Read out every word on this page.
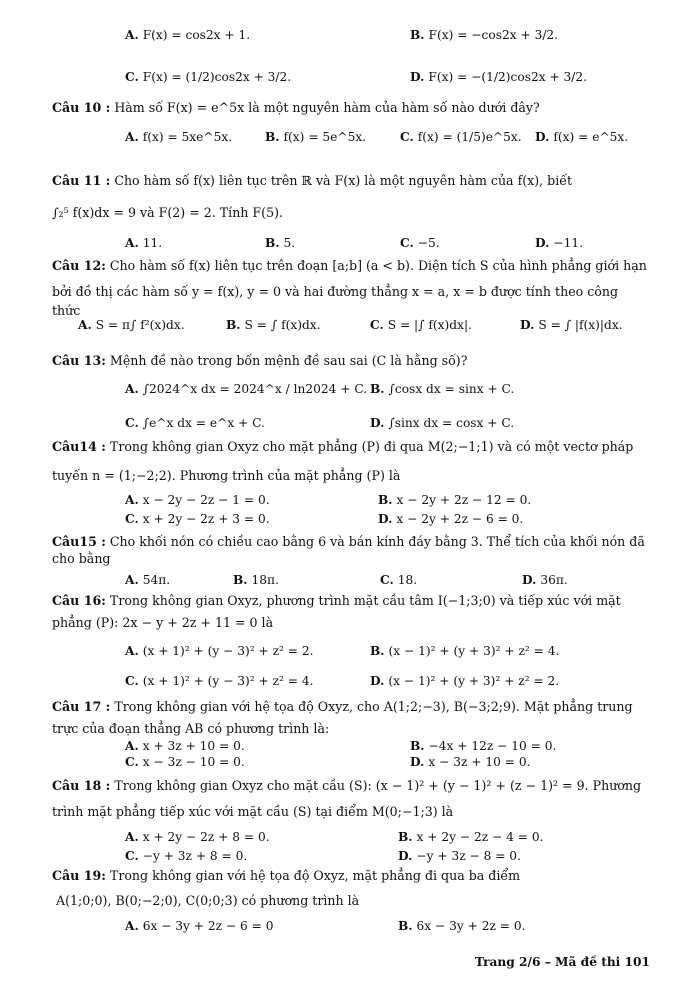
A. F(x) = cos2x + 1.	B. F(x) = −cos2x + 3/2.
C. F(x) = (1/2)cos2x + 3/2.	D. F(x) = −(1/2)cos2x + 3/2.
Câu 10 : Hàm số F(x) = e^5x là một nguyên hàm của hàm số nào dưới đây?
A. f(x) = 5xe^5x.	B. f(x) = 5e^5x.	C. f(x) = (1/5)e^5x. D. f(x) = e^5x.
Câu 11 : Cho hàm số f(x) liên tục trên ℝ và F(x) là một nguyên hàm của f(x), biết
∫₂⁵ f(x)dx = 9 và F(2) = 2. Tính F(5).
A. 11.	B. 5.	C. −5.	D. −11.
Câu 12: Cho hàm số f(x) liên tục trên đoạn [a;b] (a < b). Diện tích S của hình phẳng giới hạn
bởi đồ thị các hàm số y = f(x), y = 0 và hai đường thẳng x = a, x = b được tính theo công thức
A. S = π∫ f²(x)dx.	B. S = ∫ f(x)dx.	C. S = |∫ f(x)dx|.	D. S = ∫ |f(x)|dx.
Câu 13: Mệnh đề nào trong bốn mệnh đề sau sai (C là hằng số)?
A. ∫2024^x dx = 2024^x / ln2024 + C. B. ∫cosx dx = sinx + C.
C. ∫e^x dx = e^x + C.	D. ∫sinx dx = cosx + C.
Câu14 : Trong không gian Oxyz cho mặt phẳng (P) đi qua M(2;−1;1) và có một vectơ pháp
tuyến n = (1;−2;2). Phương trình của mặt phẳng (P) là
A. x − 2y − 2z − 1 = 0.	B. x − 2y + 2z − 12 = 0.
C. x + 2y − 2z + 3 = 0.	D. x − 2y + 2z − 6 = 0.
Câu15 : Cho khối nón có chiều cao bằng 6 và bán kính đáy bằng 3. Thể tích của khối nón đã
cho bằng
A. 54π.	B. 18π.	C. 18.	D. 36π.
Câu 16: Trong không gian Oxyz, phương trình mặt cầu tâm I(−1;3;0) và tiếp xúc với mặt
phẳng (P): 2x − y + 2z + 11 = 0 là
A. (x + 1)² + (y − 3)² + z² = 2.	B. (x − 1)² + (y + 3)² + z² = 4.
C. (x + 1)² + (y − 3)² + z² = 4.	D. (x − 1)² + (y + 3)² + z² = 2.
Câu 17 : Trong không gian với hệ tọa độ Oxyz, cho A(1;2;−3), B(−3;2;9). Mặt phẳng trung
trực của đoạn thẳng AB có phương trình là:
A. x + 3z + 10 = 0.	B. −4x + 12z − 10 = 0.
C. x − 3z − 10 = 0.	D. x − 3z + 10 = 0.
Câu 18 : Trong không gian Oxyz cho mặt cầu (S): (x − 1)² + (y − 1)² + (z − 1)² = 9. Phương
trình mặt phẳng tiếp xúc với mặt cầu (S) tại điểm M(0;−1;3) là
A. x + 2y − 2z + 8 = 0.	B. x + 2y − 2z − 4 = 0.
C. −y + 3z + 8 = 0.	D. −y + 3z − 8 = 0.
Câu 19: Trong không gian với hệ tọa độ Oxyz, mặt phẳng đi qua ba điểm
A(1;0;0), B(0;−2;0), C(0;0;3) có phương trình là
A. 6x − 3y + 2z − 6 = 0	B. 6x − 3y + 2z = 0.
Trang 2/6 – Mã đề thi 101
